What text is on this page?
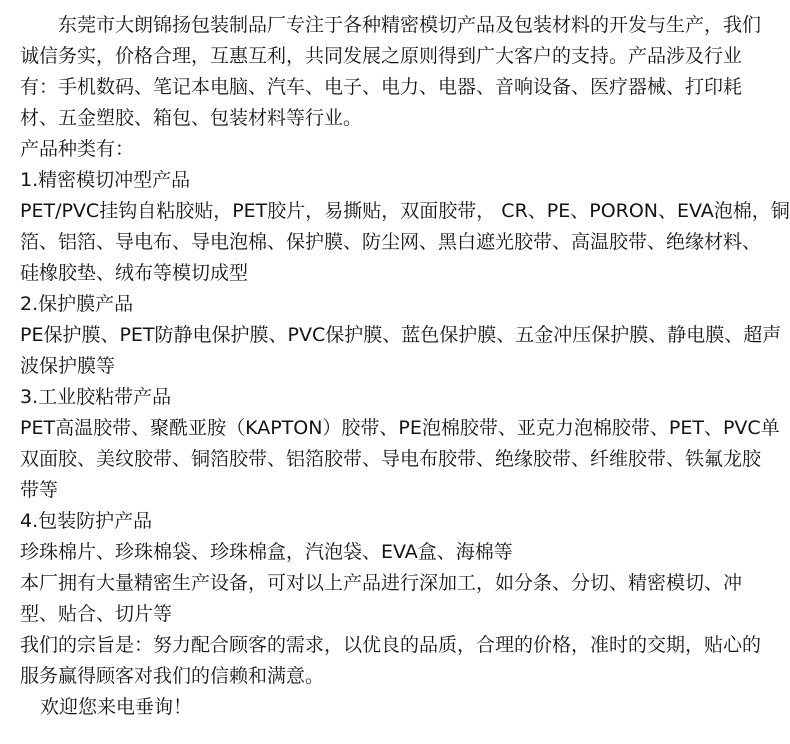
东莞市大朗锦扬包装制品厂专注于各种精密模切产品及包装材料的开发与生产，我们
诚信务实，价格合理，互惠互利，共同发展之原则得到广大客户的支持。产品涉及行业
有：手机数码、笔记本电脑、汽车、电子、电力、电器、音响设备、医疗器械、打印耗
材、五金塑胶、箱包、包装材料等行业。
产品种类有：
1.精密模切冲型产品
PET/PVC挂钩自粘胶贴，PET胶片，易撕贴，双面胶带， CR、PE、PORON、EVA泡棉，铜
箔、铝箔、导电布、导电泡棉、保护膜、防尘网、黑白遮光胶带、高温胶带、绝缘材料、
硅橡胶垫、绒布等模切成型
2.保护膜产品
PE保护膜、PET防静电保护膜、PVC保护膜、蓝色保护膜、五金冲压保护膜、静电膜、超声
波保护膜等
3.工业胶粘带产品
PET高温胶带、聚酰亚胺（KAPTON）胶带、PE泡棉胶带、亚克力泡棉胶带、PET、PVC单
双面胶、美纹胶带、铜箔胶带、铝箔胶带、导电布胶带、绝缘胶带、纤维胶带、铁氟龙胶
带等
4.包装防护产品
珍珠棉片、珍珠棉袋、珍珠棉盒，汽泡袋、EVA盒、海棉等
本厂拥有大量精密生产设备，可对以上产品进行深加工，如分条、分切、精密模切、冲
型、贴合、切片等
我们的宗旨是：努力配合顾客的需求，以优良的品质，合理的价格，准时的交期，贴心的
服务赢得顾客对我们的信赖和满意。
欢迎您来电垂询！
